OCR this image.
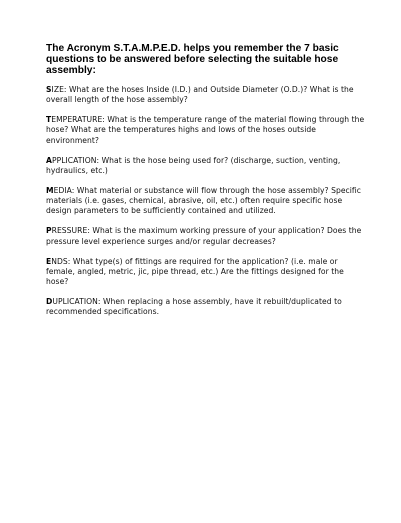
The Acronym S.T.A.M.P.E.D. helps you remember the 7 basic questions to be answered before selecting the suitable hose assembly:

SIZE: What are the hoses Inside (I.D.) and Outside Diameter (O.D.)? What is the overall length of the hose assembly?

TEMPERATURE: What is the temperature range of the material flowing through the hose? What are the temperatures highs and lows of the hoses outside environment?

APPLICATION: What is the hose being used for? (discharge, suction, venting, hydraulics, etc.)

MEDIA: What material or substance will flow through the hose assembly? Specific materials (i.e. gases, chemical, abrasive, oil, etc.) often require specific hose design parameters to be sufficiently contained and utilized.

PRESSURE: What is the maximum working pressure of your application? Does the pressure level experience surges and/or regular decreases?

ENDS: What type(s) of fittings are required for the application? (i.e. male or female, angled, metric, jic, pipe thread, etc.) Are the fittings designed for the hose?

DUPLICATION: When replacing a hose assembly, have it rebuilt/duplicated to recommended specifications.
